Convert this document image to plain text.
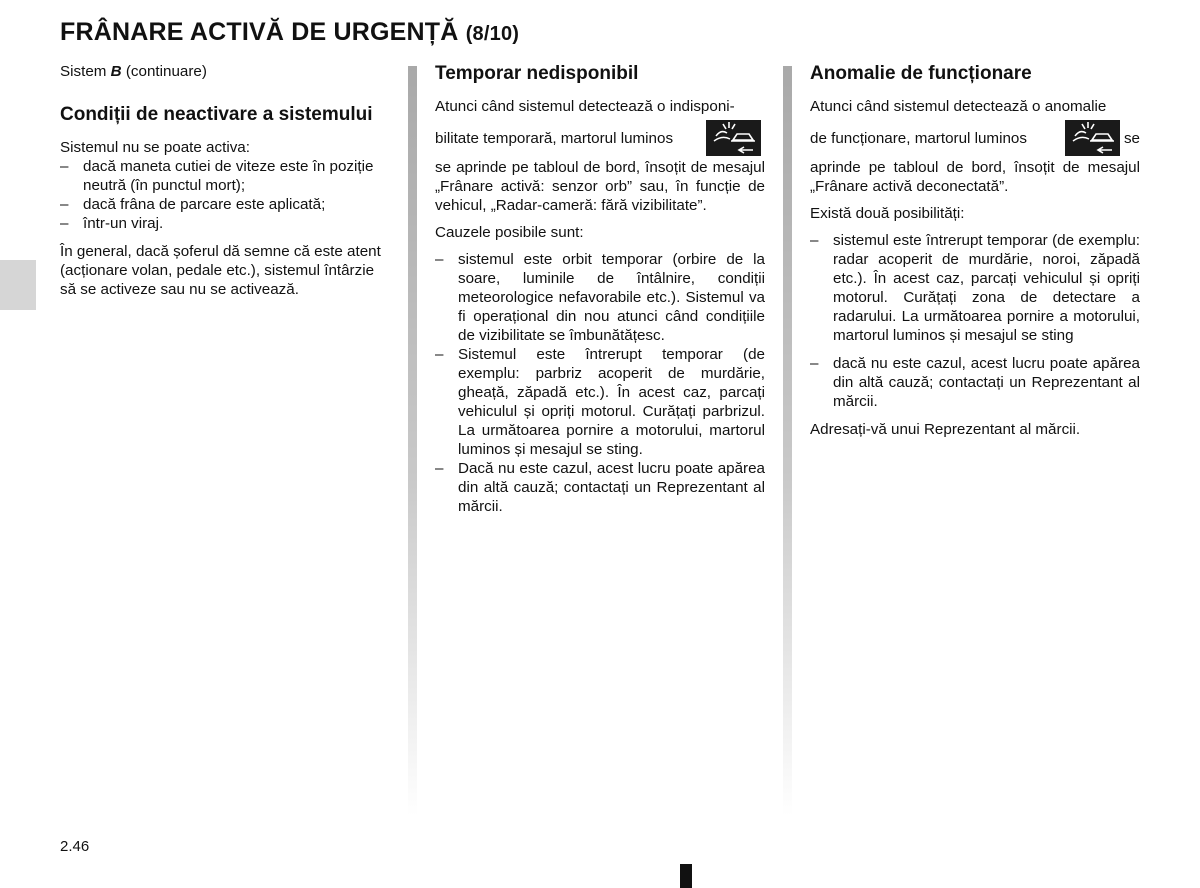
FRÂNARE ACTIVĂ DE URGENȚĂ (8/10)

Sistem B (continuare)

Condiții de neactivare a sistemului

Sistemul nu se poate activa:

– dacă maneta cutiei de viteze este în poziție neutră (în punctul mort);
– dacă frâna de parcare este aplicată;
– într-un viraj.

În general, dacă șoferul dă semne că este atent (acționare volan, pedale etc.), sistemul întârzie să se activeze sau nu se activează.

Temporar nedisponibil

Atunci când sistemul detectează o indisponi-

bilitate temporară, martorul luminos

se aprinde pe tabloul de bord, însoțit de mesajul „Frânare activă: senzor orb” sau, în funcție de vehicul, „Radar-cameră: fără vizibilitate”.

Cauzele posibile sunt:

– sistemul este orbit temporar (orbire de la soare, luminile de întâlnire, condiții meteorologice nefavorabile etc.). Sistemul va fi operațional din nou atunci când condițiile de vizibilitate se îmbunătățesc.
– Sistemul este întrerupt temporar (de exemplu: parbriz acoperit de murdărie, gheață, zăpadă etc.). În acest caz, parcați vehiculul și opriți motorul. Curățați parbrizul. La următoarea pornire a motorului, martorul luminos și mesajul se sting.
– Dacă nu este cazul, acest lucru poate apărea din altă cauză; contactați un Reprezentant al mărcii.
Anomalie de funcționare

Atunci când sistemul detectează o anomalie

de funcționare, martorul luminos	se

aprinde pe tabloul de bord, însoțit de mesajul „Frânare activă deconectată”.

Există două posibilități:

– sistemul este întrerupt temporar (de exemplu: radar acoperit de murdărie, noroi, zăpadă etc.). În acest caz, parcați vehiculul și opriți motorul. Curățați zona de detectare a radarului. La următoarea pornire a motorului, martorul luminos și mesajul se sting
– dacă nu este cazul, acest lucru poate apărea din altă cauză; contactați un Reprezentant al mărcii.

Adresați-vă unui Reprezentant al mărcii.

2.46
